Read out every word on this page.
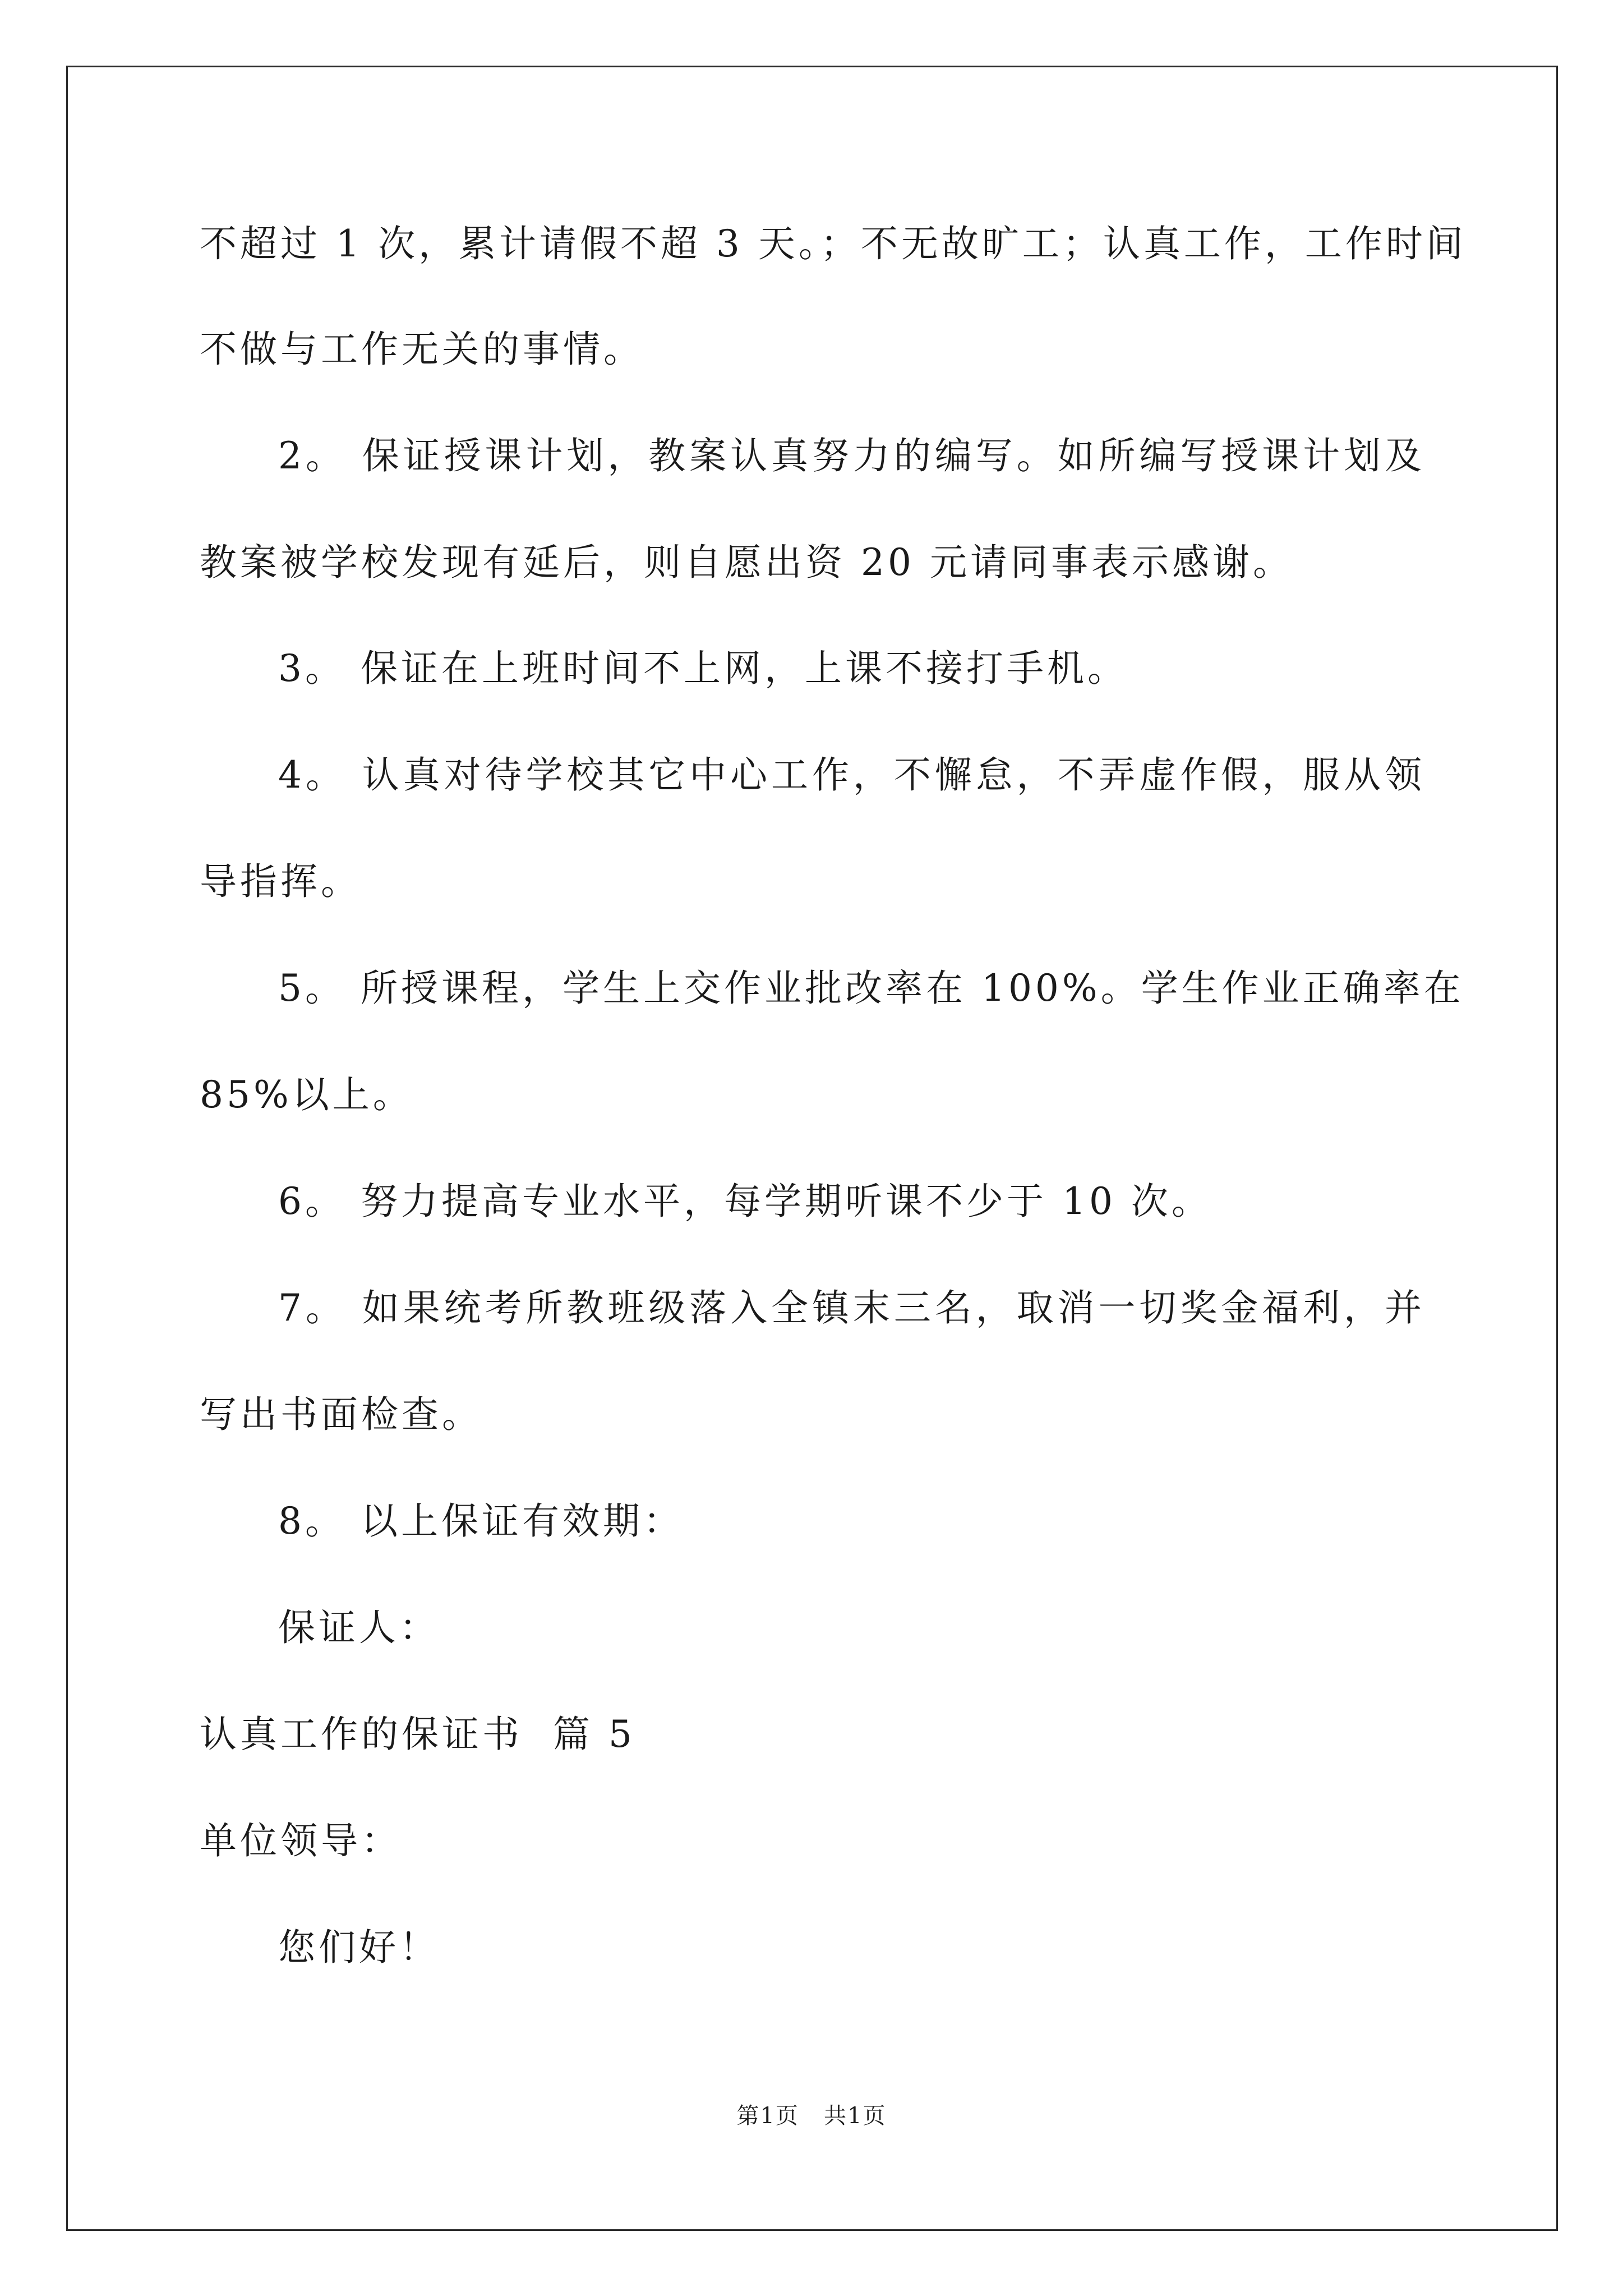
不超过 1 次，累计请假不超 3 天。；不无故旷工；认真工作，工作时间
不做与工作无关的事情。
2。 保证授课计划，教案认真努力的编写。如所编写授课计划及
教案被学校发现有延后，则自愿出资 20 元请同事表示感谢。
3。 保证在上班时间不上网，上课不接打手机。
4。 认真对待学校其它中心工作，不懈怠，不弄虚作假，服从领
导指挥。
5。 所授课程，学生上交作业批改率在 100%。学生作业正确率在
85%以上。
6。 努力提高专业水平，每学期听课不少于 10 次。
7。 如果统考所教班级落入全镇末三名，取消一切奖金福利，并
写出书面检查。
8。 以上保证有效期：
保证人：
认真工作的保证书  篇 5
单位领导：
您们好！
第1页   共1页
